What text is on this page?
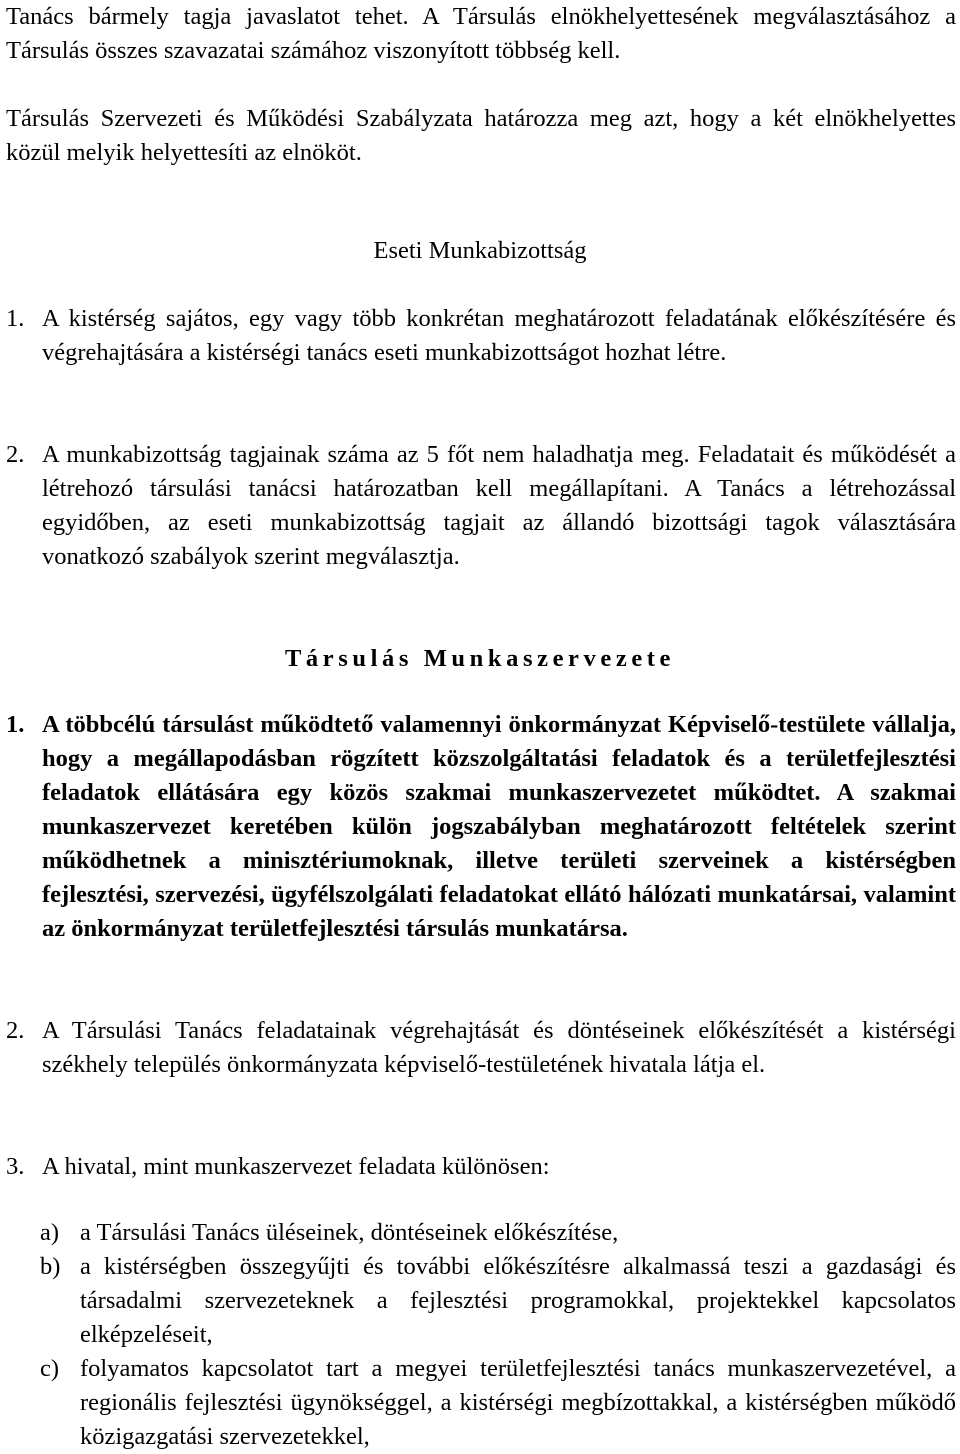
Tanács bármely tagja javaslatot tehet. A Társulás elnökhelyettesének megválasztásához a Társulás összes szavazatai számához viszonyított többség kell.
Társulás Szervezeti és Működési Szabályzata határozza meg azt, hogy a két elnökhelyettes közül melyik helyettesíti az elnököt.
Eseti Munkabizottság
1. A kistérség sajátos, egy vagy több konkrétan meghatározott feladatának előkészítésére és végrehajtására a kistérségi tanács eseti munkabizottságot hozhat létre.
2. A munkabizottság tagjainak száma az 5 főt nem haladhatja meg. Feladatait és működését a létrehozó társulási tanácsi határozatban kell megállapítani. A Tanács a létrehozással egyidőben, az eseti munkabizottság tagjait az állandó bizottsági tagok választására vonatkozó szabályok szerint megválasztja.
Társulás Munkaszervezete
1. A többcélú társulást működtető valamennyi önkormányzat Képviselő-testülete vállalja, hogy a megállapodásban rögzített közszolgáltatási feladatok és a területfejlesztési feladatok ellátására egy közös szakmai munkaszervezetet működtet. A szakmai munkaszervezet keretében külön jogszabályban meghatározott feltételek szerint működhetnek a minisztériumoknak, illetve területi szerveinek a kistérségben fejlesztési, szervezési, ügyfélszolgálati feladatokat ellátó hálózati munkatársai, valamint az önkormányzat területfejlesztési társulás munkatársa.
2. A Társulási Tanács feladatainak végrehajtását és döntéseinek előkészítését a kistérségi székhely település önkormányzata képviselő-testületének hivatala látja el.
3. A hivatal, mint munkaszervezet feladata különösen:
a) a Társulási Tanács üléseinek, döntéseinek előkészítése,
b) a kistérségben összegyűjti és további előkészítésre alkalmassá teszi a gazdasági és társadalmi szervezeteknek a fejlesztési programokkal, projektekkel kapcsolatos elképzeléseit,
c) folyamatos kapcsolatot tart a megyei területfejlesztési tanács munkaszervezetével, a regionális fejlesztési ügynökséggel, a kistérségi megbízottakkal, a kistérségben működő közigazgatási szervezetekkel,
